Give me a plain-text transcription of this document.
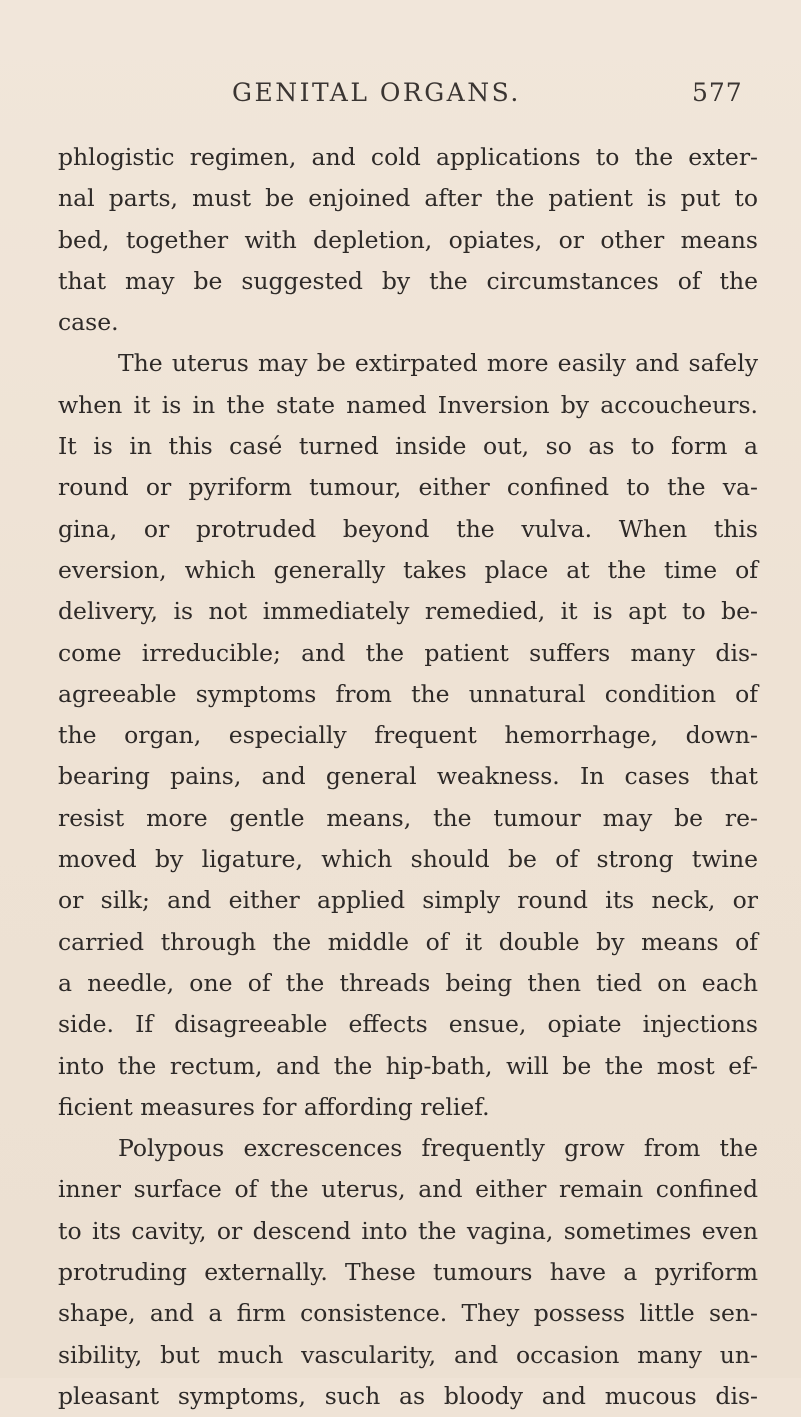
GENITAL ORGANS.	577
phlogistic regimen, and cold applications to the exter-
nal parts, must be enjoined after the patient is put to
bed, together with depletion, opiates, or other means
that may be suggested by the circumstances of the
case.
The uterus may be extirpated more easily and safely
when it is in the state named Inversion by accoucheurs.
It is in this casé turned inside out, so as to form a
round or pyriform tumour, either confined to the va-
gina, or protruded beyond the vulva. When this
eversion, which generally takes place at the time of
delivery, is not immediately remedied, it is apt to be-
come irreducible; and the patient suffers many dis-
agreeable symptoms from the unnatural condition of
the organ, especially frequent hemorrhage, down-
bearing pains, and general weakness. In cases that
resist more gentle means, the tumour may be re-
moved by ligature, which should be of strong twine
or silk; and either applied simply round its neck, or
carried through the middle of it double by means of
a needle, one of the threads being then tied on each
side. If disagreeable effects ensue, opiate injections
into the rectum, and the hip-bath, will be the most ef-
ficient measures for affording relief.
Polypous excrescences frequently grow from the
inner surface of the uterus, and either remain confined
to its cavity, or descend into the vagina, sometimes even
protruding externally. These tumours have a pyriform
shape, and a firm consistence. They possess little sen-
sibility, but much vascularity, and occasion many un-
pleasant symptoms, such as bloody and mucous dis-
